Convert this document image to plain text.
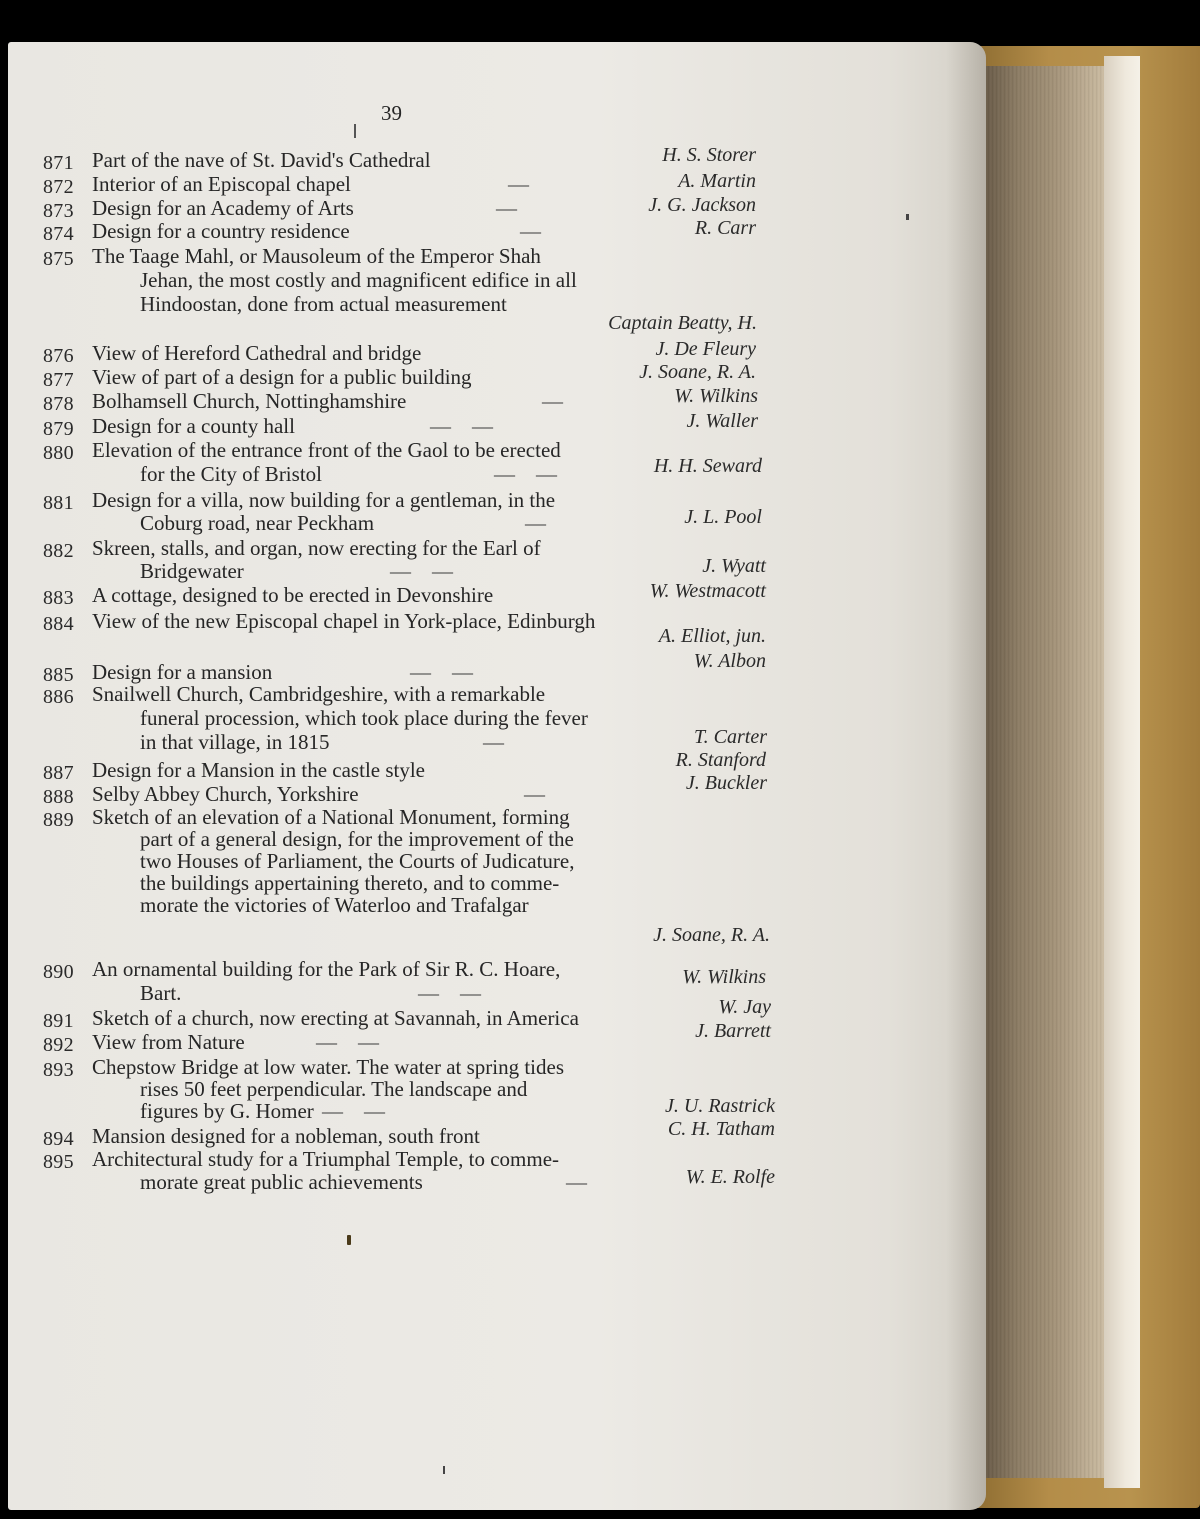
39
871 Part of the nave of St. David's Cathedral	H. S. Storer
872 Interior of an Episcopal chapel	—	A. Martin
873 Design for an Academy of Arts	—	J. G. Jackson
874 Design for a country residence	—	R. Carr
875 The Taage Mahl, or Mausoleum of the Emperor Shah
Jehan, the most costly and magnificent edifice in all
Hindoostan, done from actual measurement
Captain Beatty, H.
876 View of Hereford Cathedral and bridge	J. De Fleury
877 View of part of a design for a public building	J. Soane, R. A.
878 Bolhamsell Church, Nottinghamshire	—	W. Wilkins
879 Design for a county hall	—    —	J. Waller
880 Elevation of the entrance front of the Gaol to be erected
for the City of Bristol	—    —	H. H. Seward
881 Design for a villa, now building for a gentleman, in the
Coburg road, near Peckham	—	J. L. Pool
882 Skreen, stalls, and organ, now erecting for the Earl of
Bridgewater	—    —	J. Wyatt
883 A cottage, designed to be erected in Devonshire	W. Westmacott
884 View of the new Episcopal chapel in York-place, Edinburgh
A. Elliot, jun.
885 Design for a mansion	—    —	W. Albon
886 Snailwell Church, Cambridgeshire, with a remarkable
funeral procession, which took place during the fever
in that village, in 1815	—	T. Carter
887 Design for a Mansion in the castle style	R. Stanford
888 Selby Abbey Church, Yorkshire	—	J. Buckler
889 Sketch of an elevation of a National Monument, forming
part of a general design, for the improvement of the
two Houses of Parliament, the Courts of Judicature,
the buildings appertaining thereto, and to comme-
morate the victories of Waterloo and Trafalgar
J. Soane, R. A.
890 An ornamental building for the Park of Sir R. C. Hoare,
Bart.	—    —
W. Wilkins
891 Sketch of a church, now erecting at Savannah, in America	W. Jay
892 View from Nature	—    —	J. Barrett
893 Chepstow Bridge at low water. The water at spring tides
rises 50 feet perpendicular. The landscape and
figures by G. Homer —    —	J. U. Rastrick
894 Mansion designed for a nobleman, south front	C. H. Tatham
895 Architectural study for a Triumphal Temple, to comme-
morate great public achievements	—	W. E. Rolfe
